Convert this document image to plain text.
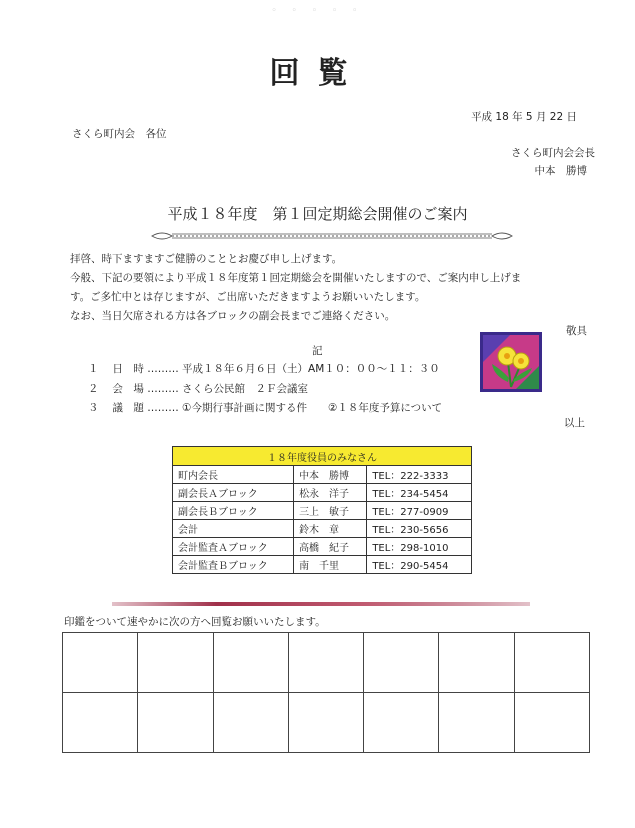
◦ ◦ ◦ ◦ ◦
回覧
平成 18 年 5 月 22 日
さくら町内会　各位
さくら町内会会長
中本　勝博
平成１８年度　第１回定期総会開催のご案内
拝啓、時下ますますご健勝のこととお慶び申し上げます。
今般、下記の要領により平成１８年度第１回定期総会を開催いたしますので、ご案内申し上げま
す。ご多忙中とは存じますが、ご出席いただきますようお願いいたします。
なお、当日欠席される方は各ブロックの副会長までご連絡ください。
敬具
記
１　 日　時 ……… 平成１８年６月６日（土）AM１０：００～１１：３０
２　 会　場 ……… さくら公民館　２Ｆ会議室
３　 議　題 ……… ①今期行事計画に関する件　　②１８年度予算について
以上
１８年度役員のみなさん		
町内会長	中本　勝博	TEL：222-3333
副会長Ａブロック	松永　洋子	TEL：234-5454
副会長Ｂブロック	三上　敏子	TEL：277-0909
会計	鈴木　章	TEL：230-5656
会計監査Ａブロック	高橋　紀子	TEL：298-1010
会計監査Ｂブロック	南　千里	TEL：290-5454
印鑑をついて速やかに次の方へ回覧お願いいたします。
